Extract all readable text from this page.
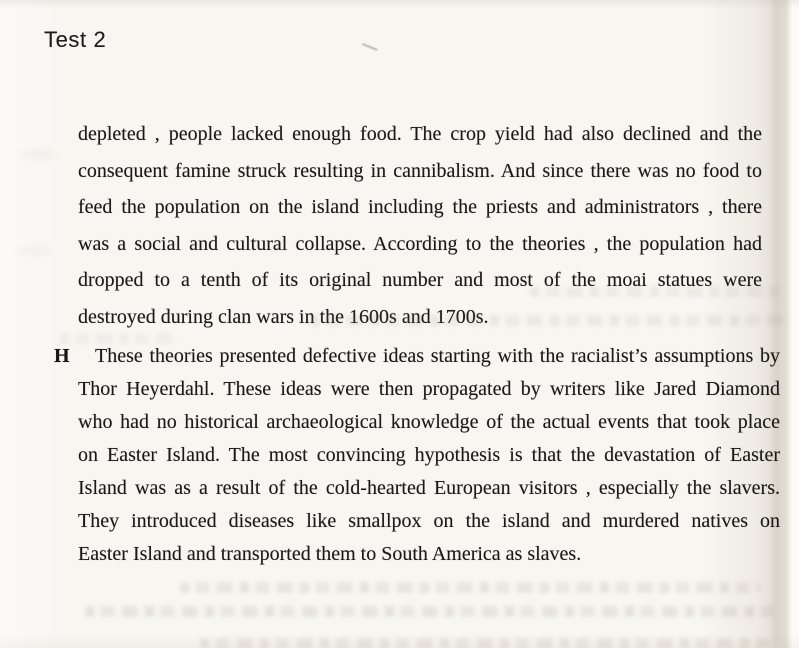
Test 2
depleted , people lacked enough food. The crop yield had also declined and the
consequent famine struck resulting in cannibalism. And since there was no food to
feed the population on the island including the priests and administrators , there
was a social and cultural collapse. According to the theories , the population had
dropped to a tenth of its original number and most of the moai statues were
destroyed during clan wars in the 1600s and 1700s.
H	These theories presented defective ideas starting with the racialist’s assumptions by
Thor Heyerdahl. These ideas were then propagated by writers like Jared Diamond
who had no historical archaeological knowledge of the actual events that took place
on Easter Island. The most convincing hypothesis is that the devastation of Easter
Island was as a result of the cold-hearted European visitors , especially the slavers.
They introduced diseases like smallpox on the island and murdered natives on
Easter Island and transported them to South America as slaves.
